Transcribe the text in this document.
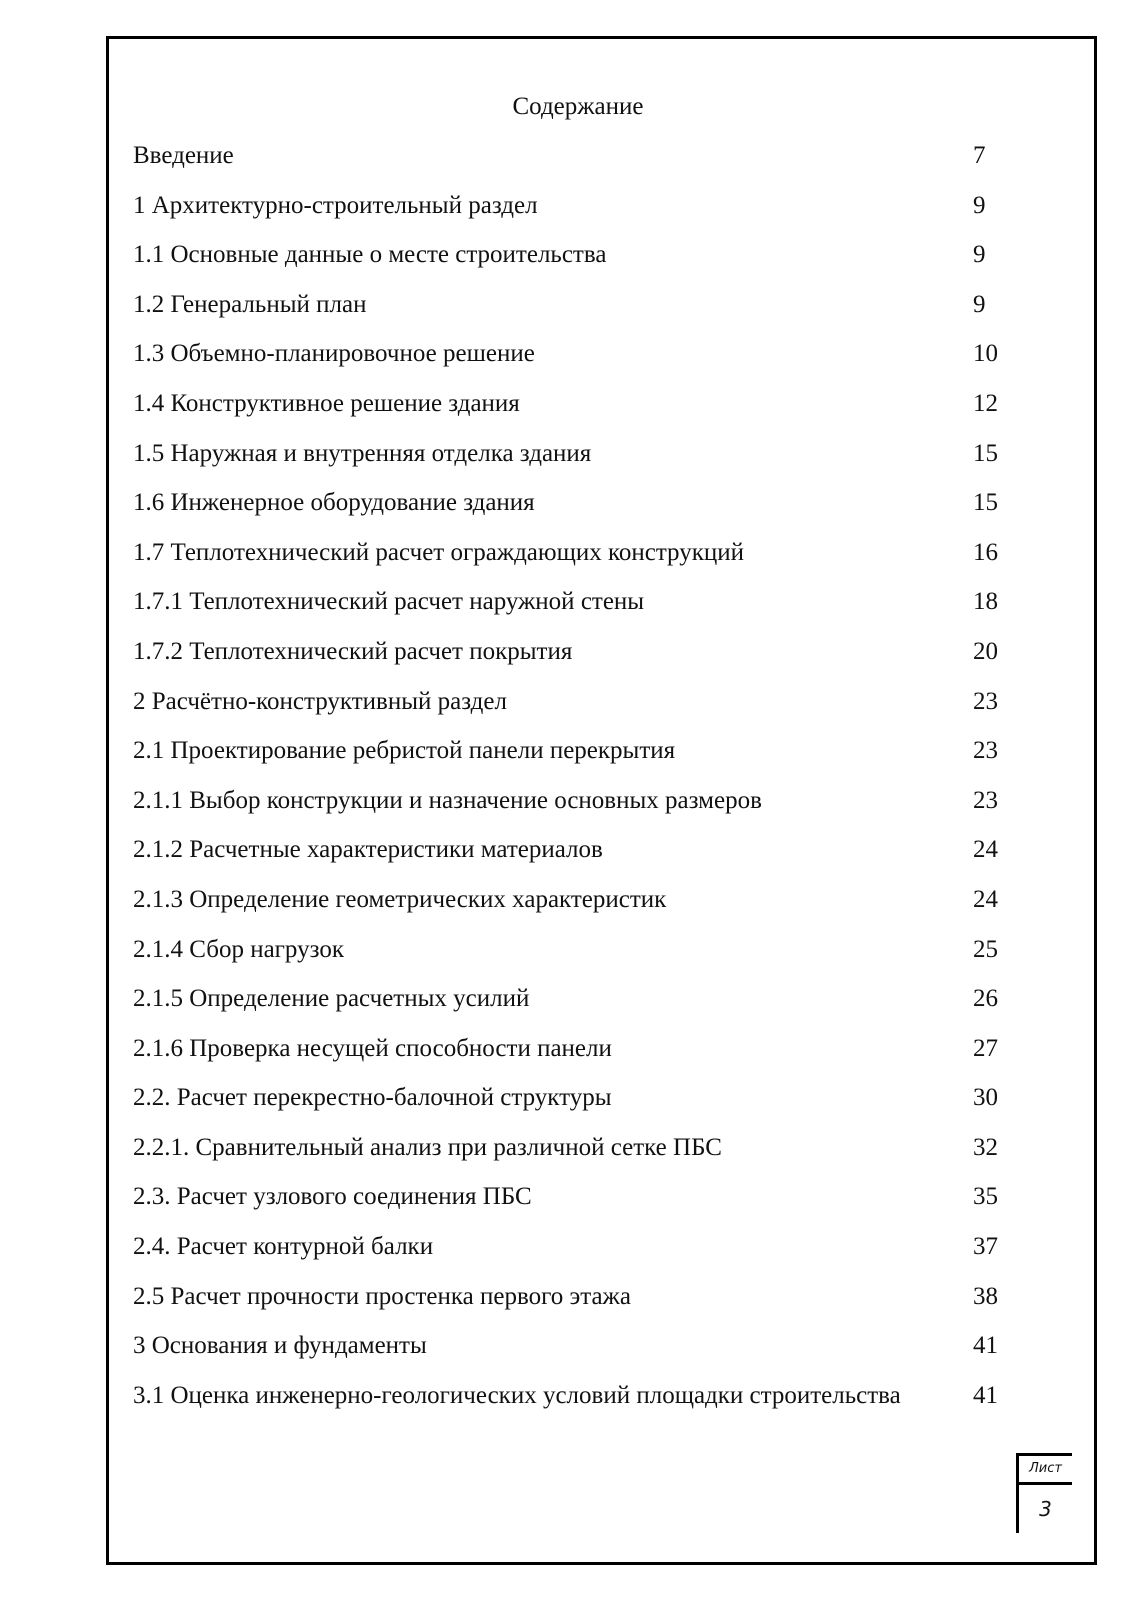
Содержание
Введение	7
1 Архитектурно-строительный раздел	9
1.1 Основные данные о месте строительства	9
1.2 Генеральный план	9
1.3 Объемно-планировочное решение	10
1.4 Конструктивное решение здания	12
1.5 Наружная и внутренняя отделка здания	15
1.6 Инженерное оборудование здания	15
1.7 Теплотехнический расчет ограждающих конструкций	16
1.7.1 Теплотехнический расчет наружной стены	18
1.7.2 Теплотехнический расчет покрытия	20
2 Расчётно-конструктивный раздел	23
2.1 Проектирование ребристой панели перекрытия	23
2.1.1 Выбор конструкции и назначение основных размеров	23
2.1.2 Расчетные характеристики материалов	24
2.1.3 Определение геометрических характеристик	24
2.1.4 Сбор нагрузок	25
2.1.5 Определение расчетных усилий	26
2.1.6 Проверка несущей способности панели	27
2.2. Расчет перекрестно-балочной структуры	30
2.2.1. Сравнительный анализ при различной сетке ПБС	32
2.3. Расчет узлового соединения ПБС	35
2.4. Расчет контурной балки	37
2.5 Расчет прочности простенка первого этажа	38
3 Основания и фундаменты	41
3.1 Оценка инженерно-геологических условий площадки строительства	41
Лист
3
